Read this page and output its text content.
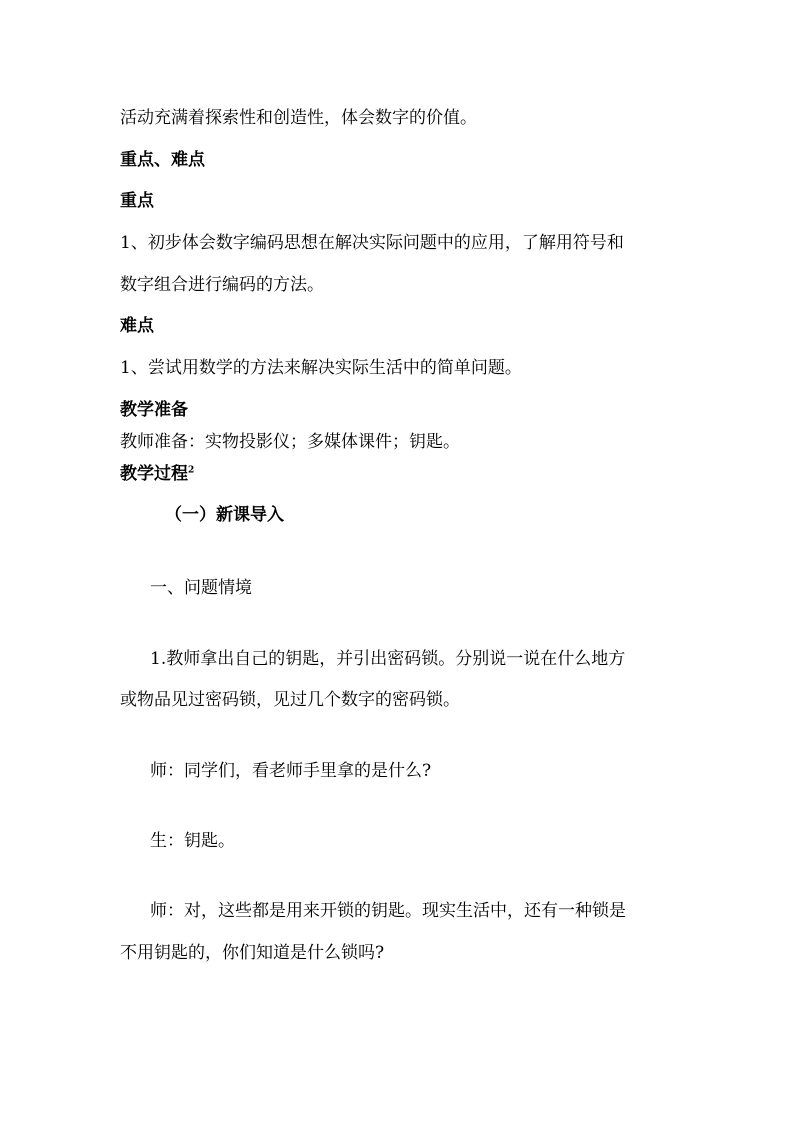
活动充满着探索性和创造性，体会数字的价值。
重点、难点
重点
1、初步体会数字编码思想在解决实际问题中的应用，了解用符号和
数字组合进行编码的方法。
难点
1、尝试用数学的方法来解决实际生活中的简单问题。
教学准备
教师准备：实物投影仪；多媒体课件；钥匙。
教学过程$^2$
（一）新课导入
一、问题情境
1.教师拿出自己的钥匙，并引出密码锁。分别说一说在什么地方
或物品见过密码锁，见过几个数字的密码锁。
师：同学们，看老师手里拿的是什么?
生：钥匙。
师：对，这些都是用来开锁的钥匙。现实生活中，还有一种锁是
不用钥匙的，你们知道是什么锁吗?
